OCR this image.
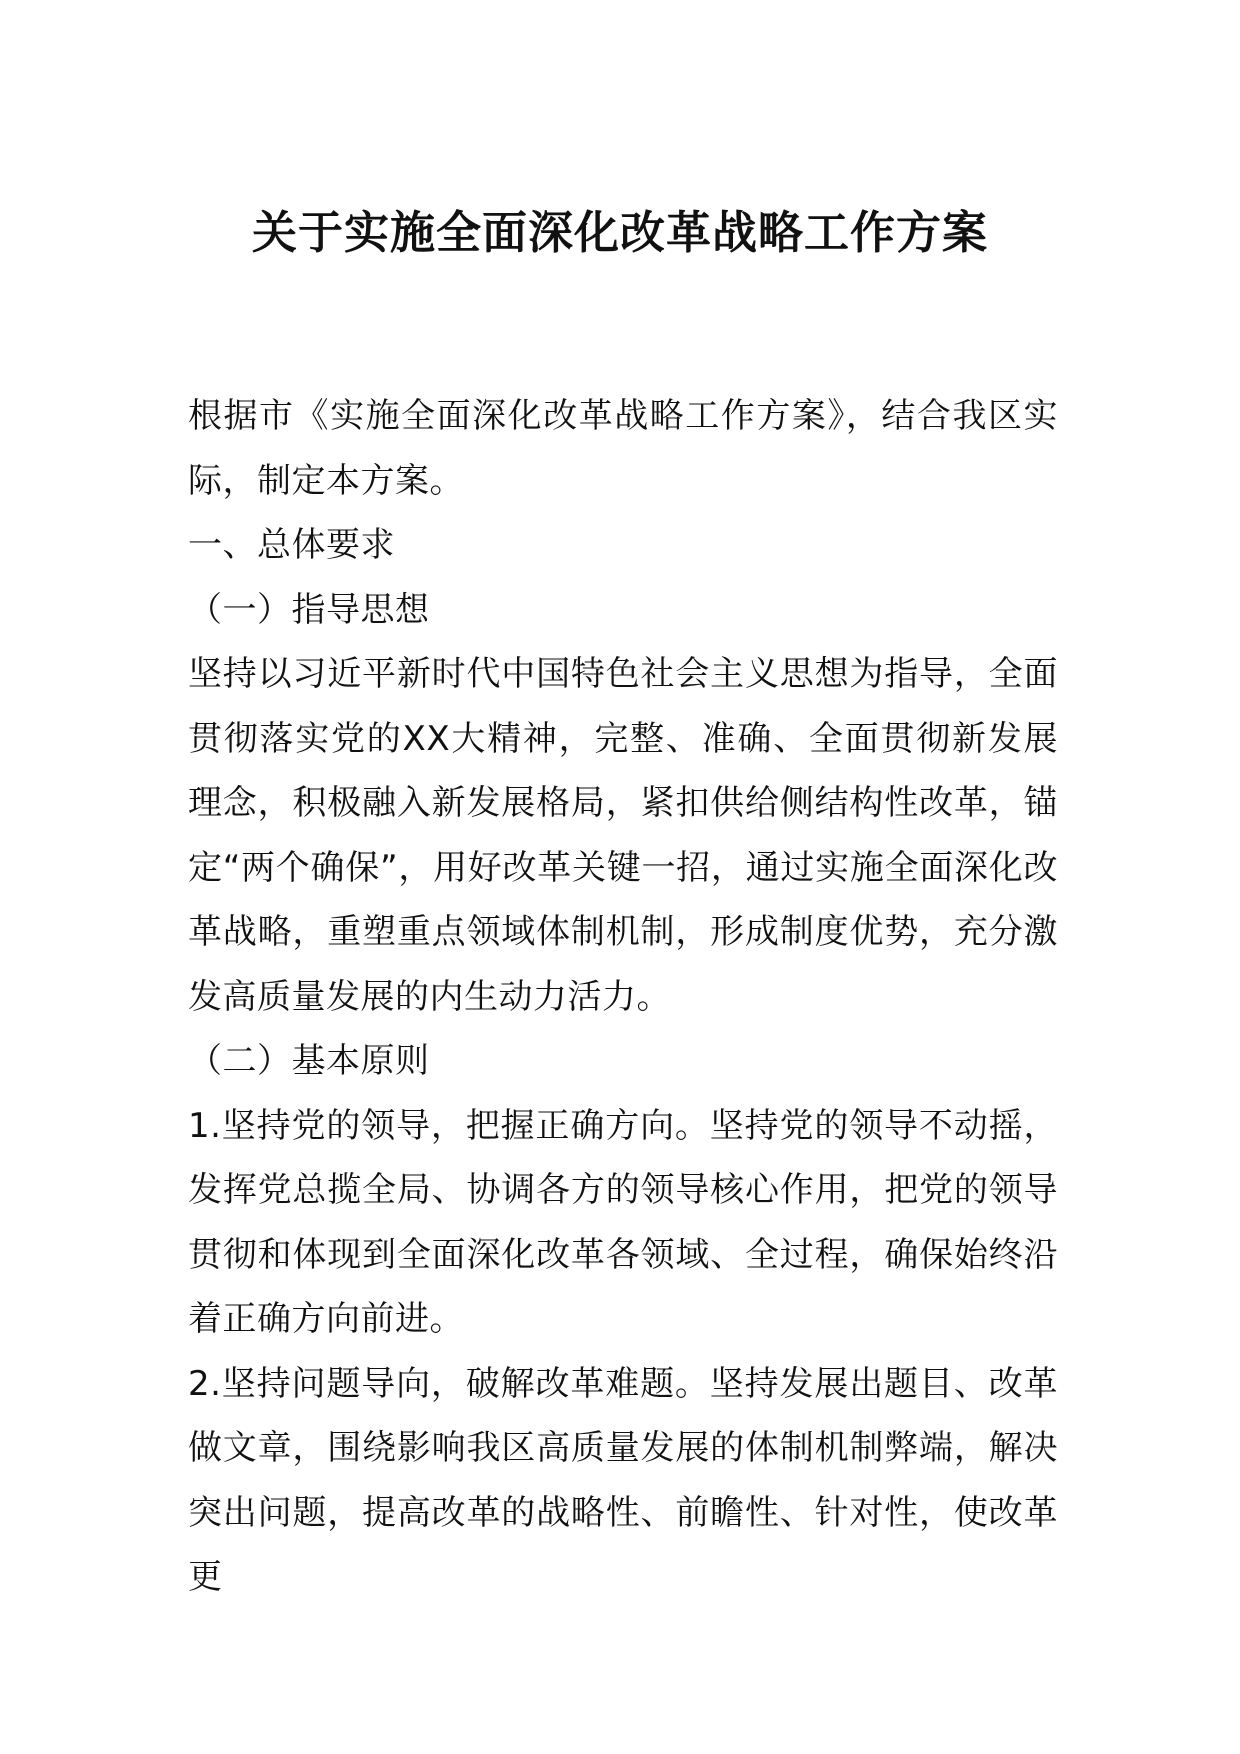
关于实施全面深化改革战略工作方案

根据市《实施全面深化改革战略工作方案》，结合我区实际，制定本方案。

一、总体要求

（一）指导思想

坚持以习近平新时代中国特色社会主义思想为指导，全面贯彻落实党的XX大精神，完整、准确、全面贯彻新发展理念，积极融入新发展格局，紧扣供给侧结构性改革，锚定“两个确保”，用好改革关键一招，通过实施全面深化改革战略，重塑重点领域体制机制，形成制度优势，充分激发高质量发展的内生动力活力。

（二）基本原则

1.坚持党的领导，把握正确方向。坚持党的领导不动摇，发挥党总揽全局、协调各方的领导核心作用，把党的领导贯彻和体现到全面深化改革各领域、全过程，确保始终沿着正确方向前进。

2.坚持问题导向，破解改革难题。坚持发展出题目、改革做文章，围绕影响我区高质量发展的体制机制弊端，解决突出问题，提高改革的战略性、前瞻性、针对性，使改革更
